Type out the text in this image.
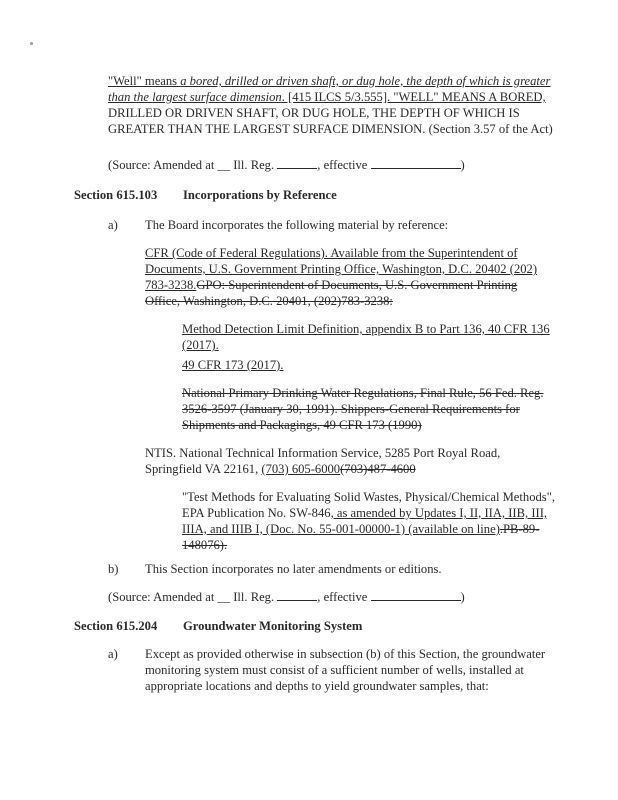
"Well" means a bored, drilled or driven shaft, or dug hole, the depth of which is greater
than the largest surface dimension. [415 ILCS 5/3.555]. "WELL" MEANS A BORED,
DRILLED OR DRIVEN SHAFT, OR DUG HOLE, THE DEPTH OF WHICH IS
GREATER THAN THE LARGEST SURFACE DIMENSION. (Section 3.57 of the Act)
(Source: Amended at __ Ill. Reg.	, effective	)
Section 615.103 Incorporations by Reference
a) The Board incorporates the following material by reference:
CFR (Code of Federal Regulations). Available from the Superintendent of
Documents, U.S. Government Printing Office, Washington, D.C. 20402 (202)
783-3238.GPO: Superintendent of Documents, U.S. Government Printing
Office, Washington, D.C. 20401, (202)783-3238:
Method Detection Limit Definition, appendix B to Part 136, 40 CFR 136
(2017).
49 CFR 173 (2017).
National Primary Drinking Water Regulations, Final Rule, 56 Fed. Reg.
3526-3597 (January 30, 1991). Shippers-General Requirements for
Shipments and Packagings, 49 CFR 173 (1990)
NTIS. National Technical Information Service, 5285 Port Royal Road,
Springfield VA 22161, (703) 605-6000(703)487-4600
"Test Methods for Evaluating Solid Wastes, Physical/Chemical Methods",
EPA Publication No. SW-846, as amended by Updates I, II, IIA, IIB, III,
IIIA, and IIIB I, (Doc. No. 55-001-00000-1) (available on line).PB-89-
148076).
b) This Section incorporates no later amendments or editions.
(Source: Amended at __ Ill. Reg.	, effective	)
Section 615.204 Groundwater Monitoring System
a) Except as provided otherwise in subsection (b) of this Section, the groundwater
monitoring system must consist of a sufficient number of wells, installed at
appropriate locations and depths to yield groundwater samples, that:
